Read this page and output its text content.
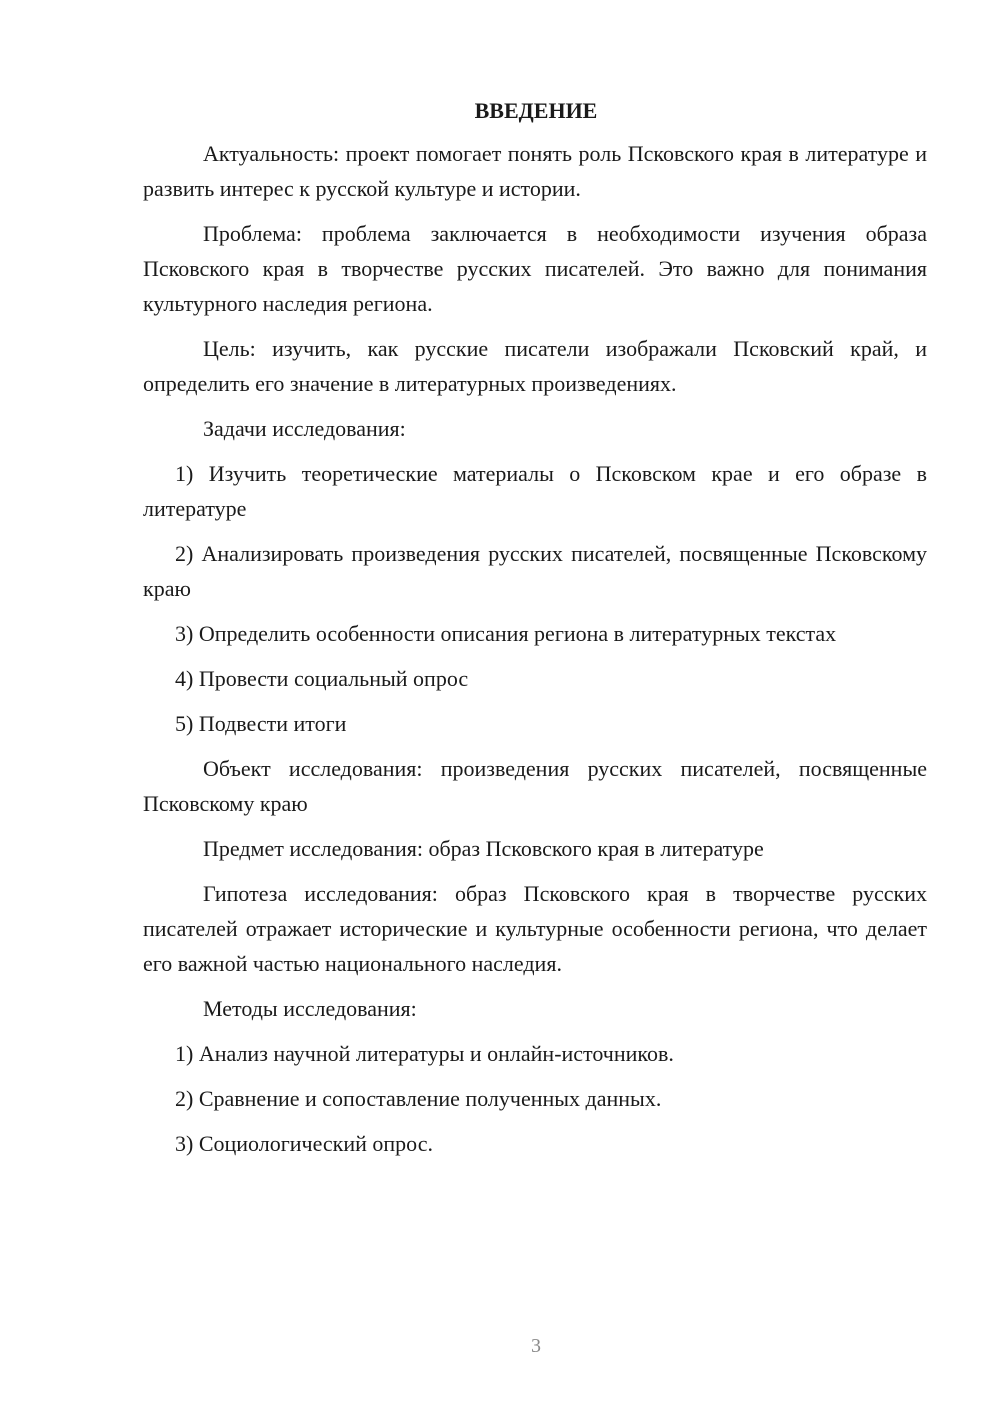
ВВЕДЕНИЕ

Актуальность: проект помогает понять роль Псковского края в литературе и развить интерес к русской культуре и истории.

Проблема: проблема заключается в необходимости изучения образа Псковского края в творчестве русских писателей. Это важно для понимания культурного наследия региона.

Цель: изучить, как русские писатели изображали Псковский край, и определить его значение в литературных произведениях.

Задачи исследования:

1) Изучить теоретические материалы о Псковском крае и его образе в литературе

2) Анализировать произведения русских писателей, посвященные Псковскому краю

3) Определить особенности описания региона в литературных текстах

4) Провести социальный опрос

5) Подвести итоги

Объект исследования: произведения русских писателей, посвященные Псковскому краю

Предмет исследования: образ Псковского края в литературе

Гипотеза исследования: образ Псковского края в творчестве русских писателей отражает исторические и культурные особенности региона, что делает его важной частью национального наследия.

Методы исследования:

1) Анализ научной литературы и онлайн-источников.

2) Сравнение и сопоставление полученных данных.

3) Социологический опрос.

3
